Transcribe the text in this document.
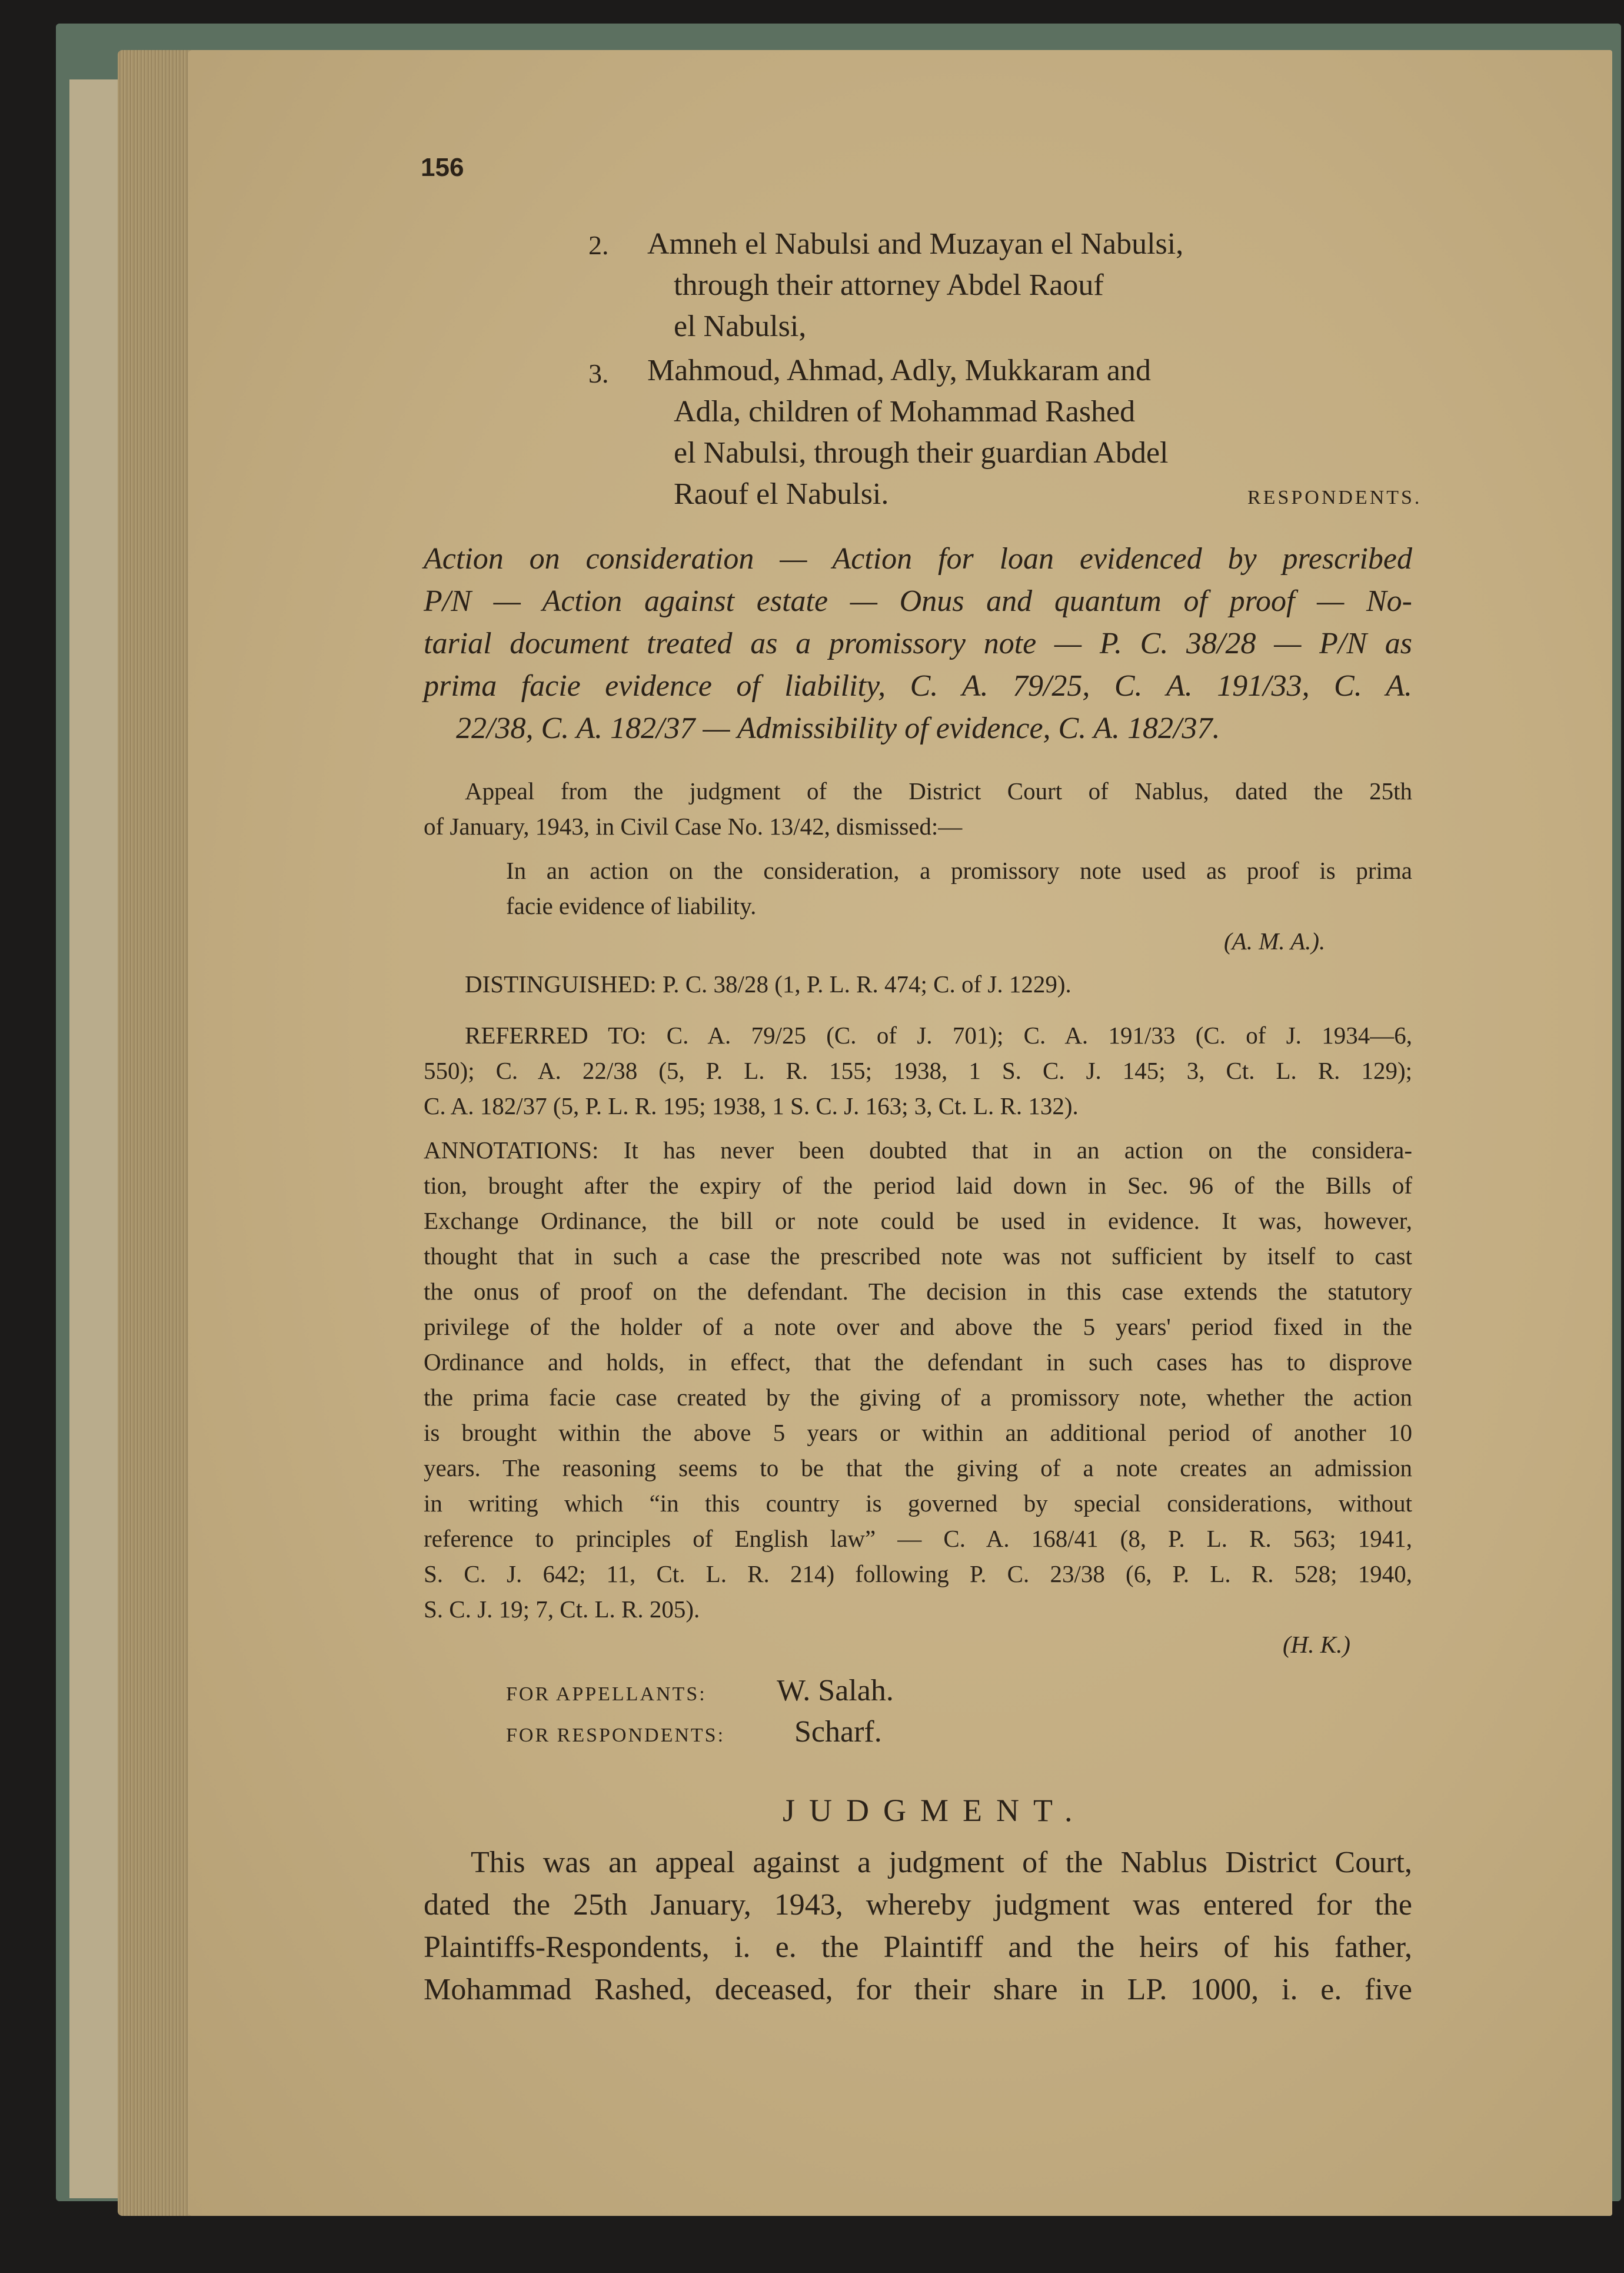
156
2. Amneh el Nabulsi and Muzayan el Nabulsi,
through their attorney Abdel Raouf
el Nabulsi,
3. Mahmoud, Ahmad, Adly, Mukkaram and
Adla, children of Mohammad Rashed
el Nabulsi, through their guardian Abdel
Raouf el Nabulsi.	RESPONDENTS.
Action on consideration — Action for loan evidenced by prescribed
P/N — Action against estate — Onus and quantum of proof — No-
tarial document treated as a promissory note — P. C. 38/28 — P/N as
prima facie evidence of liability, C. A. 79/25, C. A. 191/33, C. A.
22/38, C. A. 182/37 — Admissibility of evidence, C. A. 182/37.
Appeal from the judgment of the District Court of Nablus, dated the 25th
of January, 1943, in Civil Case No. 13/42, dismissed:—
In an action on the consideration, a promissory note used as proof is prima
facie evidence of liability.
(A. M. A.).
DISTINGUISHED: P. C. 38/28 (1, P. L. R. 474; C. of J. 1229).
REFERRED TO: C. A. 79/25 (C. of J. 701); C. A. 191/33 (C. of J. 1934—6,
550); C. A. 22/38 (5, P. L. R. 155; 1938, 1 S. C. J. 145; 3, Ct. L. R. 129);
C. A. 182/37 (5, P. L. R. 195; 1938, 1 S. C. J. 163; 3, Ct. L. R. 132).
ANNOTATIONS: It has never been doubted that in an action on the considera-
tion, brought after the expiry of the period laid down in Sec. 96 of the Bills of
Exchange Ordinance, the bill or note could be used in evidence. It was, however,
thought that in such a case the prescribed note was not sufficient by itself to cast
the onus of proof on the defendant. The decision in this case extends the statutory
privilege of the holder of a note over and above the 5 years' period fixed in the
Ordinance and holds, in effect, that the defendant in such cases has to disprove
the prima facie case created by the giving of a promissory note, whether the action
is brought within the above 5 years or within an additional period of another 10
years. The reasoning seems to be that the giving of a note creates an admission
in writing which “in this country is governed by special considerations, without
reference to principles of English law” — C. A. 168/41 (8, P. L. R. 563; 1941,
S. C. J. 642; 11, Ct. L. R. 214) following P. C. 23/38 (6, P. L. R. 528; 1940,
S. C. J. 19; 7, Ct. L. R. 205).
(H. K.)
FOR APPELLANTS: W. Salah.
FOR RESPONDENTS: Scharf.
JUDGMENT.
This was an appeal against a judgment of the Nablus District Court,
dated the 25th January, 1943, whereby judgment was entered for the
Plaintiffs-Respondents, i. e. the Plaintiff and the heirs of his father,
Mohammad Rashed, deceased, for their share in LP. 1000, i. e. five
